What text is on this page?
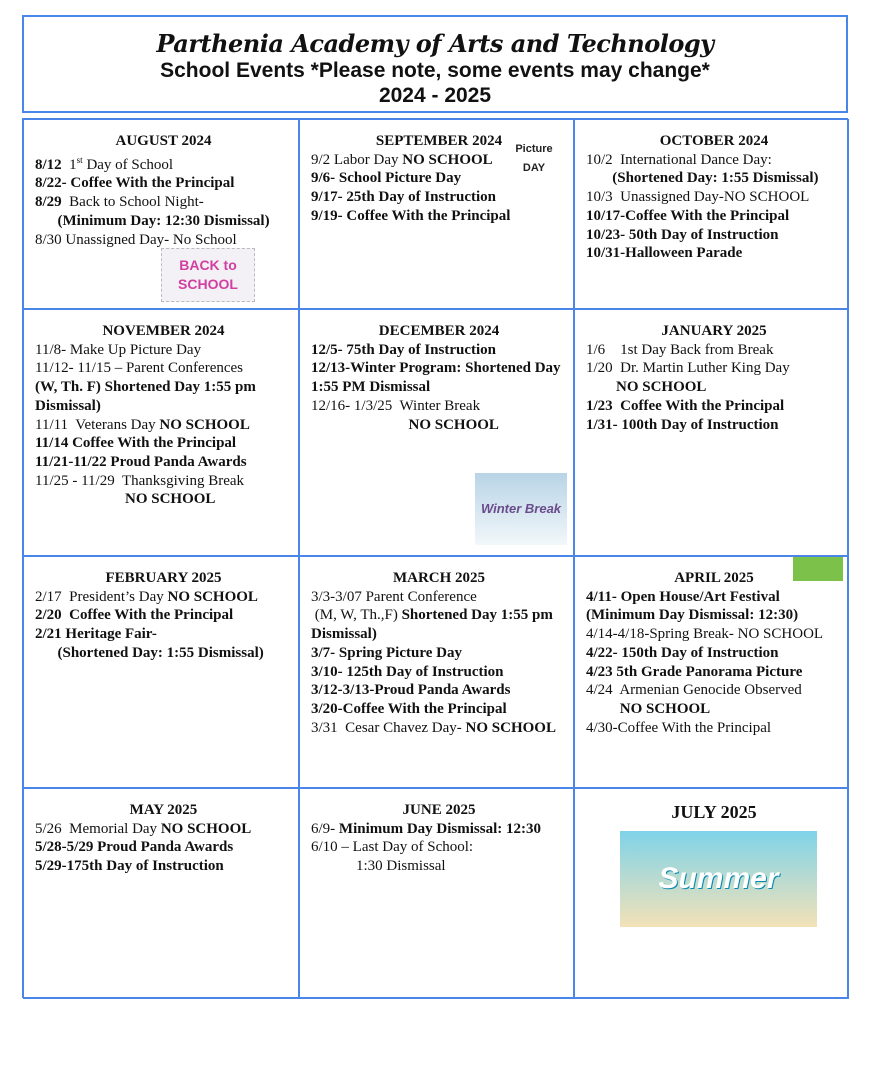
Parthenia Academy of Arts and Technology
School Events *Please note, some events may change*
2024 - 2025
AUGUST 2024
8/12  1st Day of School
8/22- Coffee With the Principal
8/29  Back to School Night-
(Minimum Day: 12:30 Dismissal)
8/30 Unassigned Day- No School
BACK to SCHOOL
SEPTEMBER 2024
9/2 Labor Day NO SCHOOL
9/6- School Picture Day
9/17- 25th Day of Instruction
9/19- Coffee With the Principal
Picture DAY
OCTOBER 2024
10/2  International Dance Day:
(Shortened Day: 1:55 Dismissal)
10/3  Unassigned Day-NO SCHOOL
10/17-Coffee With the Principal
10/23- 50th Day of Instruction
10/31-Halloween Parade
NOVEMBER 2024
11/8- Make Up Picture Day
11/12- 11/15 – Parent Conferences
(W, Th. F) Shortened Day 1:55 pm Dismissal)
11/11  Veterans Day NO SCHOOL
11/14 Coffee With the Principal
11/21-11/22 Proud Panda Awards
11/25 - 11/29  Thanksgiving Break
NO SCHOOL
DECEMBER 2024
12/5- 75th Day of Instruction
12/13-Winter Program: Shortened Day 1:55 PM Dismissal
12/16- 1/3/25  Winter Break
NO SCHOOL
Winter Break
JANUARY 2025
1/6    1st Day Back from Break
1/20  Dr. Martin Luther King Day
NO SCHOOL
1/23  Coffee With the Principal
1/31- 100th Day of Instruction
FEBRUARY 2025
2/17  President’s Day NO SCHOOL
2/20  Coffee With the Principal
2/21 Heritage Fair-
(Shortened Day: 1:55 Dismissal)
MARCH 2025
3/3-3/07 Parent Conference
(M, W, Th.,F) Shortened Day 1:55 pm Dismissal)
3/7- Spring Picture Day
3/10- 125th Day of Instruction
3/12-3/13-Proud Panda Awards
3/20-Coffee With the Principal
3/31  Cesar Chavez Day- NO SCHOOL
APRIL 2025
4/11- Open House/Art Festival
(Minimum Day Dismissal: 12:30)
4/14-4/18-Spring Break- NO SCHOOL
4/22- 150th Day of Instruction
4/23 5th Grade Panorama Picture
4/24  Armenian Genocide Observed
NO SCHOOL
4/30-Coffee With the Principal
MAY 2025
5/26  Memorial Day NO SCHOOL
5/28-5/29 Proud Panda Awards
5/29-175th Day of Instruction
JUNE 2025
6/9- Minimum Day Dismissal: 12:30
6/10 – Last Day of School:
1:30 Dismissal
JULY 2025
Summer
